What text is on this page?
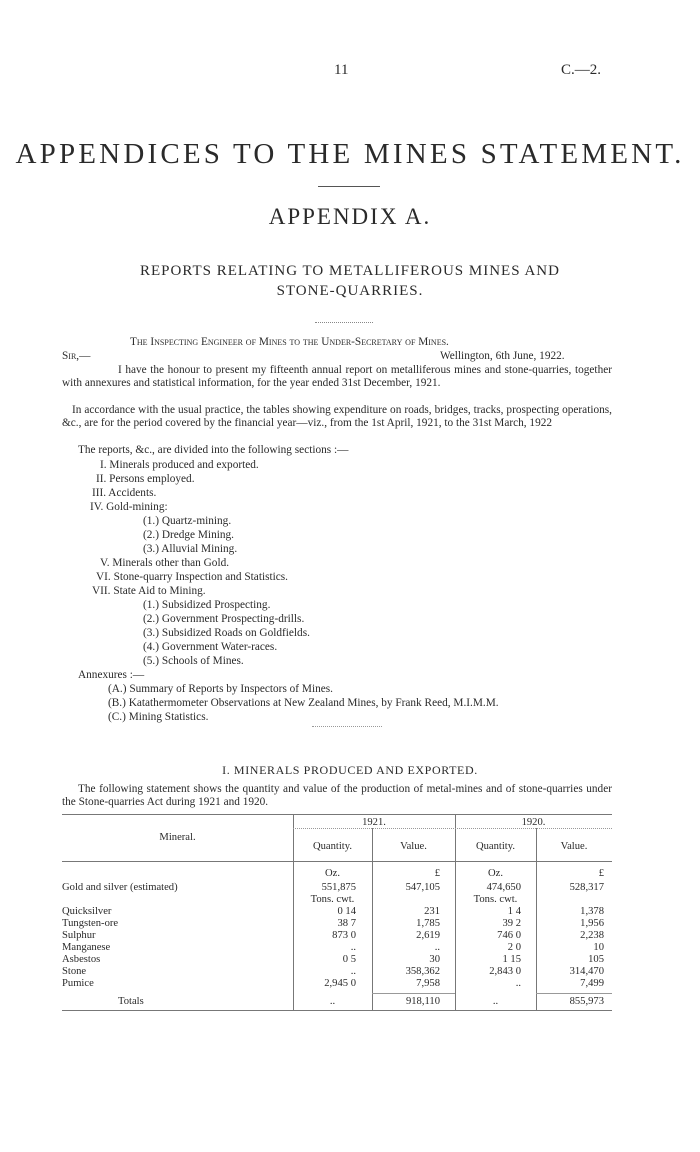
11	C.—2.
APPENDICES TO THE MINES STATEMENT.
APPENDIX A.
REPORTS RELATING TO METALLIFEROUS MINES AND
STONE-QUARRIES.
The Inspecting Engineer of Mines to the Under-Secretary of Mines.
Sir,—	Wellington, 6th June, 1922.
I have the honour to present my fifteenth annual report on metalliferous mines and stone-quarries, together with annexures and statistical information, for the year ended 31st December, 1921.
In accordance with the usual practice, the tables showing expenditure on roads, bridges, tracks, prospecting operations, &c., are for the period covered by the financial year—viz., from the 1st April, 1921, to the 31st March, 1922
The reports, &c., are divided into the following sections :—
I. Minerals produced and exported.
II. Persons employed.
III. Accidents.
IV. Gold-mining:
(1.) Quartz-mining.
(2.) Dredge Mining.
(3.) Alluvial Mining.
V. Minerals other than Gold.
VI. Stone-quarry Inspection and Statistics.
VII. State Aid to Mining.
(1.) Subsidized Prospecting.
(2.) Government Prospecting-drills.
(3.) Subsidized Roads on Goldfields.
(4.) Government Water-races.
(5.) Schools of Mines.
Annexures :—
(A.) Summary of Reports by Inspectors of Mines.
(B.) Katathermometer Observations at New Zealand Mines, by Frank Reed, M.I.M.M.
(C.) Mining Statistics.
I. MINERALS PRODUCED AND EXPORTED.
The following statement shows the quantity and value of the production of metal-mines and of stone-quarries under the Stone-quarries Act during 1921 and 1920.
Mineral.
1921.	1920.
Quantity.	Value.	Quantity.	Value.
Oz.	£	Oz.	£
Gold and silver (estimated)	551,875	547,105	474,650	528,317
Tons. cwt.	Tons. cwt.
Quicksilver	0 14	231	1 4	1,378
Tungsten-ore	38 7	1,785	39 2	1,956
Sulphur	873 0	2,619	746 0	2,238
Manganese	..	..	2 0	10
Asbestos	0 5	30	1 15	105
Stone	..	358,362	2,843 0	314,470
Pumice	2,945 0	7,958	..	7,499
Totals	..	918,110	..	855,973
